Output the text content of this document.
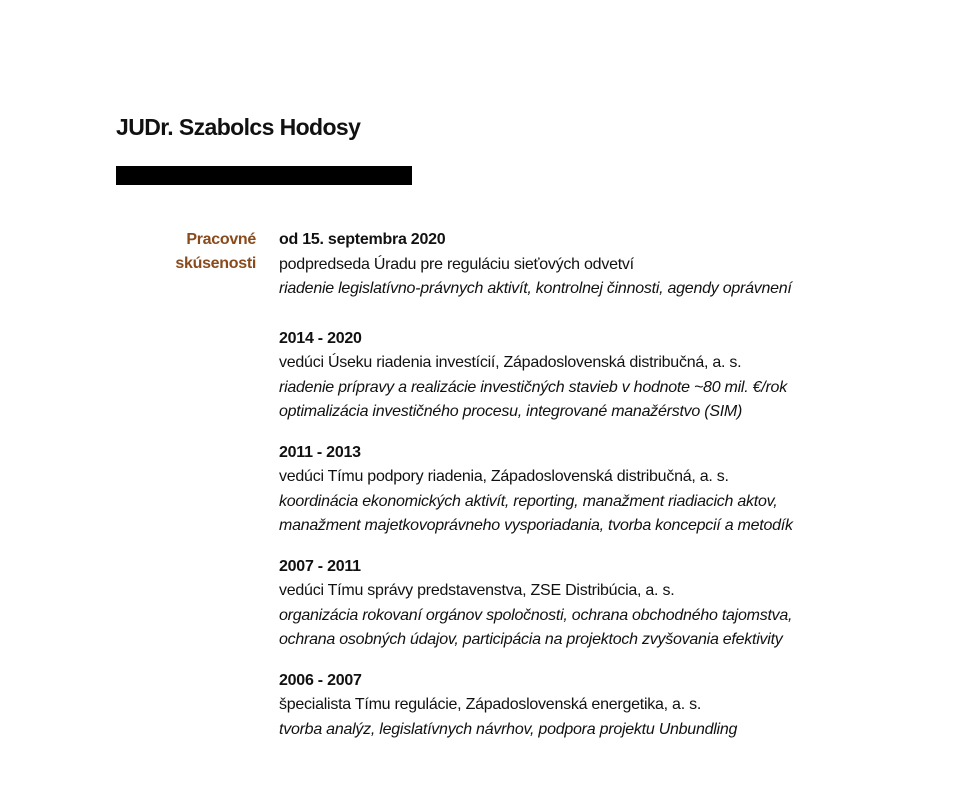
JUDr. Szabolcs Hodosy
Pracovné
skúsenosti

od 15. septembra 2020
podpredseda Úradu pre reguláciu sieťových odvetví
riadenie legislatívno-právnych aktivít, kontrolnej činnosti, agendy oprávnení

2014 - 2020
vedúci Úseku riadenia investícií, Západoslovenská distribučná, a. s.
riadenie prípravy a realizácie investičných stavieb v hodnote ~80 mil. €/rok
optimalizácia investičného procesu, integrované manažérstvo (SIM)

2011 - 2013
vedúci Tímu podpory riadenia, Západoslovenská distribučná, a. s.
koordinácia ekonomických aktivít, reporting, manažment riadiacich aktov,
manažment majetkovoprávneho vysporiadania, tvorba koncepcií a metodík

2007 - 2011
vedúci Tímu správy predstavenstva, ZSE Distribúcia, a. s.
organizácia rokovaní orgánov spoločnosti, ochrana obchodného tajomstva,
ochrana osobných údajov, participácia na projektoch zvyšovania efektivity

2006 - 2007
špecialista Tímu regulácie, Západoslovenská energetika, a. s.
tvorba analýz, legislatívnych návrhov, podpora projektu Unbundling
